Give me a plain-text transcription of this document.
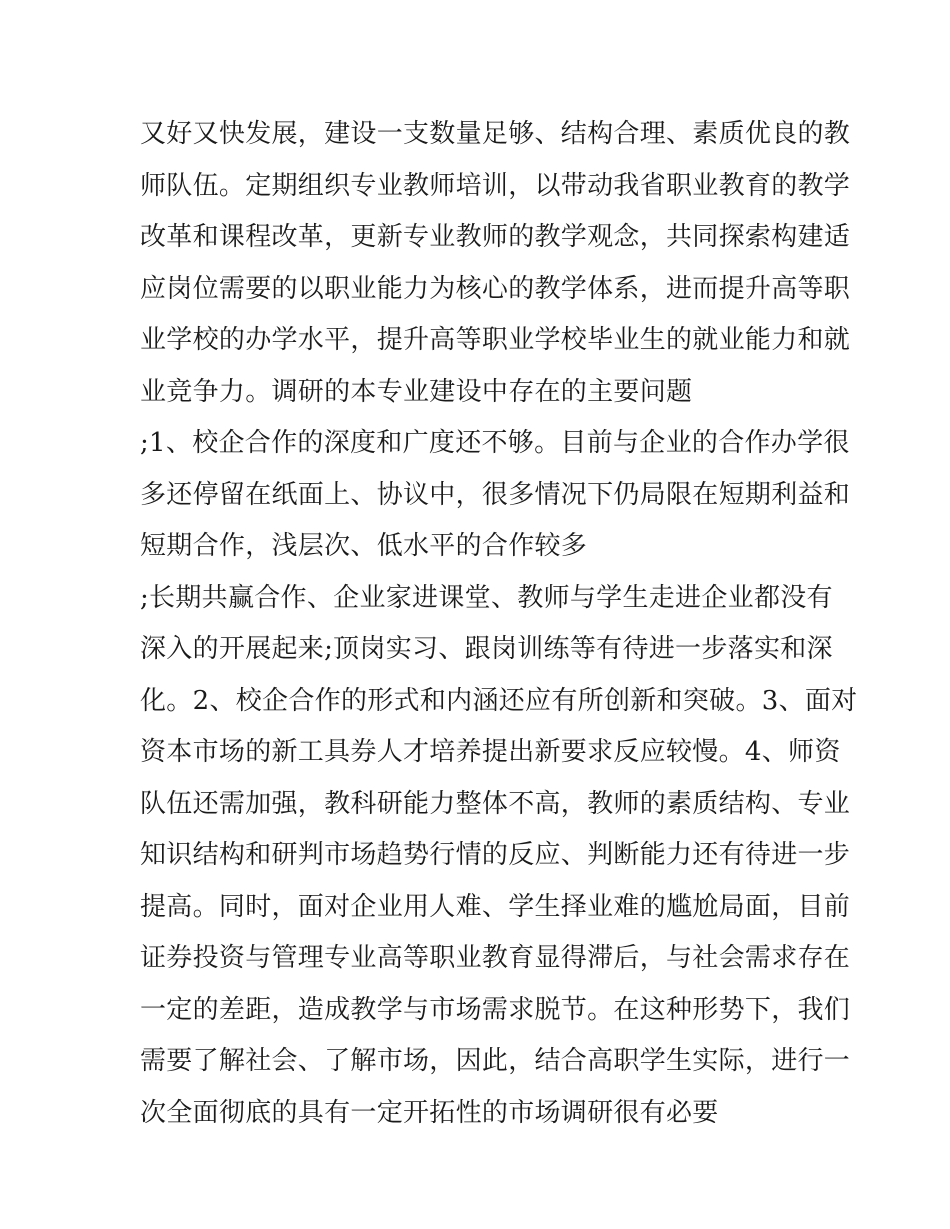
又好又快发展，建设一支数量足够、结构合理、素质优良的教
师队伍。定期组织专业教师培训，以带动我省职业教育的教学
改革和课程改革，更新专业教师的教学观念，共同探索构建适
应岗位需要的以职业能力为核心的教学体系，进而提升高等职
业学校的办学水平，提升高等职业学校毕业生的就业能力和就
业竞争力。调研的本专业建设中存在的主要问题
;1、校企合作的深度和广度还不够。目前与企业的合作办学很
多还停留在纸面上、协议中，很多情况下仍局限在短期利益和
短期合作，浅层次、低水平的合作较多
;长期共赢合作、企业家进课堂、教师与学生走进企业都没有
深入的开展起来;顶岗实习、跟岗训练等有待进一步落实和深
化。2、校企合作的形式和内涵还应有所创新和突破。3、面对
资本市场的新工具券人才培养提出新要求反应较慢。4、师资
队伍还需加强，教科研能力整体不高，教师的素质结构、专业
知识结构和研判市场趋势行情的反应、判断能力还有待进一步
提高。同时，面对企业用人难、学生择业难的尴尬局面，目前
证券投资与管理专业高等职业教育显得滞后，与社会需求存在
一定的差距，造成教学与市场需求脱节。在这种形势下，我们
需要了解社会、了解市场，因此，结合高职学生实际，进行一
次全面彻底的具有一定开拓性的市场调研很有必要
